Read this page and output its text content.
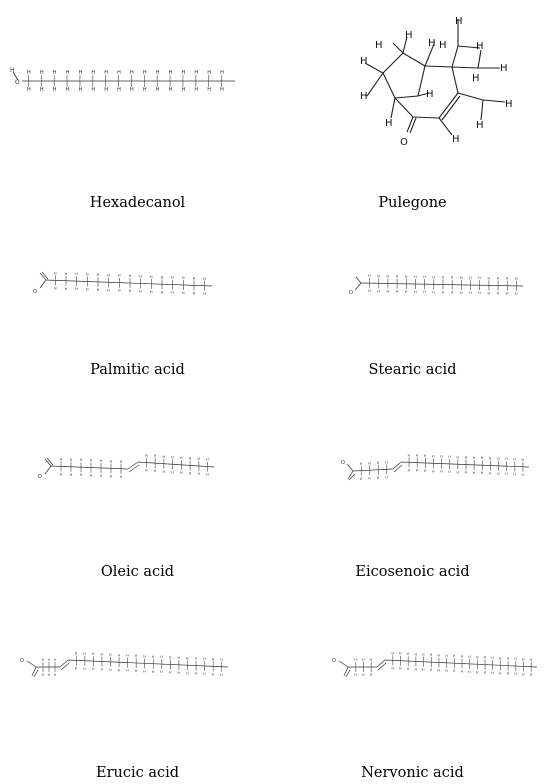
H
O
H
H
H
H
H
H
H
H
H
H
H
H
H
H
H
H
H
H
H
H
H
H
H
H
H
H
H
H
H
H
H
H
Hexadecanol
H
H
H
H H	H
H
H
H
H	H
H
H	H
H
O
Pulegone
O
H
H
H
H
H
H
H
H
H
H
H
H
H
H
H
H
H
H
H
H
H
H
H
H
H
H
H
H
H
H
Palmitic acid
O
H
H
H
H
H
H
H
H
H
H
H
H
H
H
H
H
H
H
H
H
H
H
H
H
H
H
H
H
H
H
H
H
H
H
Stearic acid
O
H
H
H
H
H
H
H
H
H
H
H
H
H
H
H
H
H
H
H
H
H
H
H
H
H
H
H
H
H
H
Oleic acid
O	H
H
H
H
H
H
H
H
H
H
H
H
H
H
H
H
H
H
H
H
H
H
H
H
H
H
H
H
H
H
H
H
H
H
H
H
H
H
Eicosenoic acid
O	H
H
H
H
H
H
H
H
H
H
H
H
H
H
H
H
H
H
H
H
H
H
H
H
H
H
H
H
H
H
H
H
H
H
H
H
H
H
H
H
H
H
Erucic acid
O	H
H
H
H
H
H
H
H
H
H
H
H
H
H
H
H
H
H
H
H
H
H
H
H
H
H
H
H
H
H
H
H
H
H
H
H
H
H
H
H
H
H
H
H
Nervonic acid
